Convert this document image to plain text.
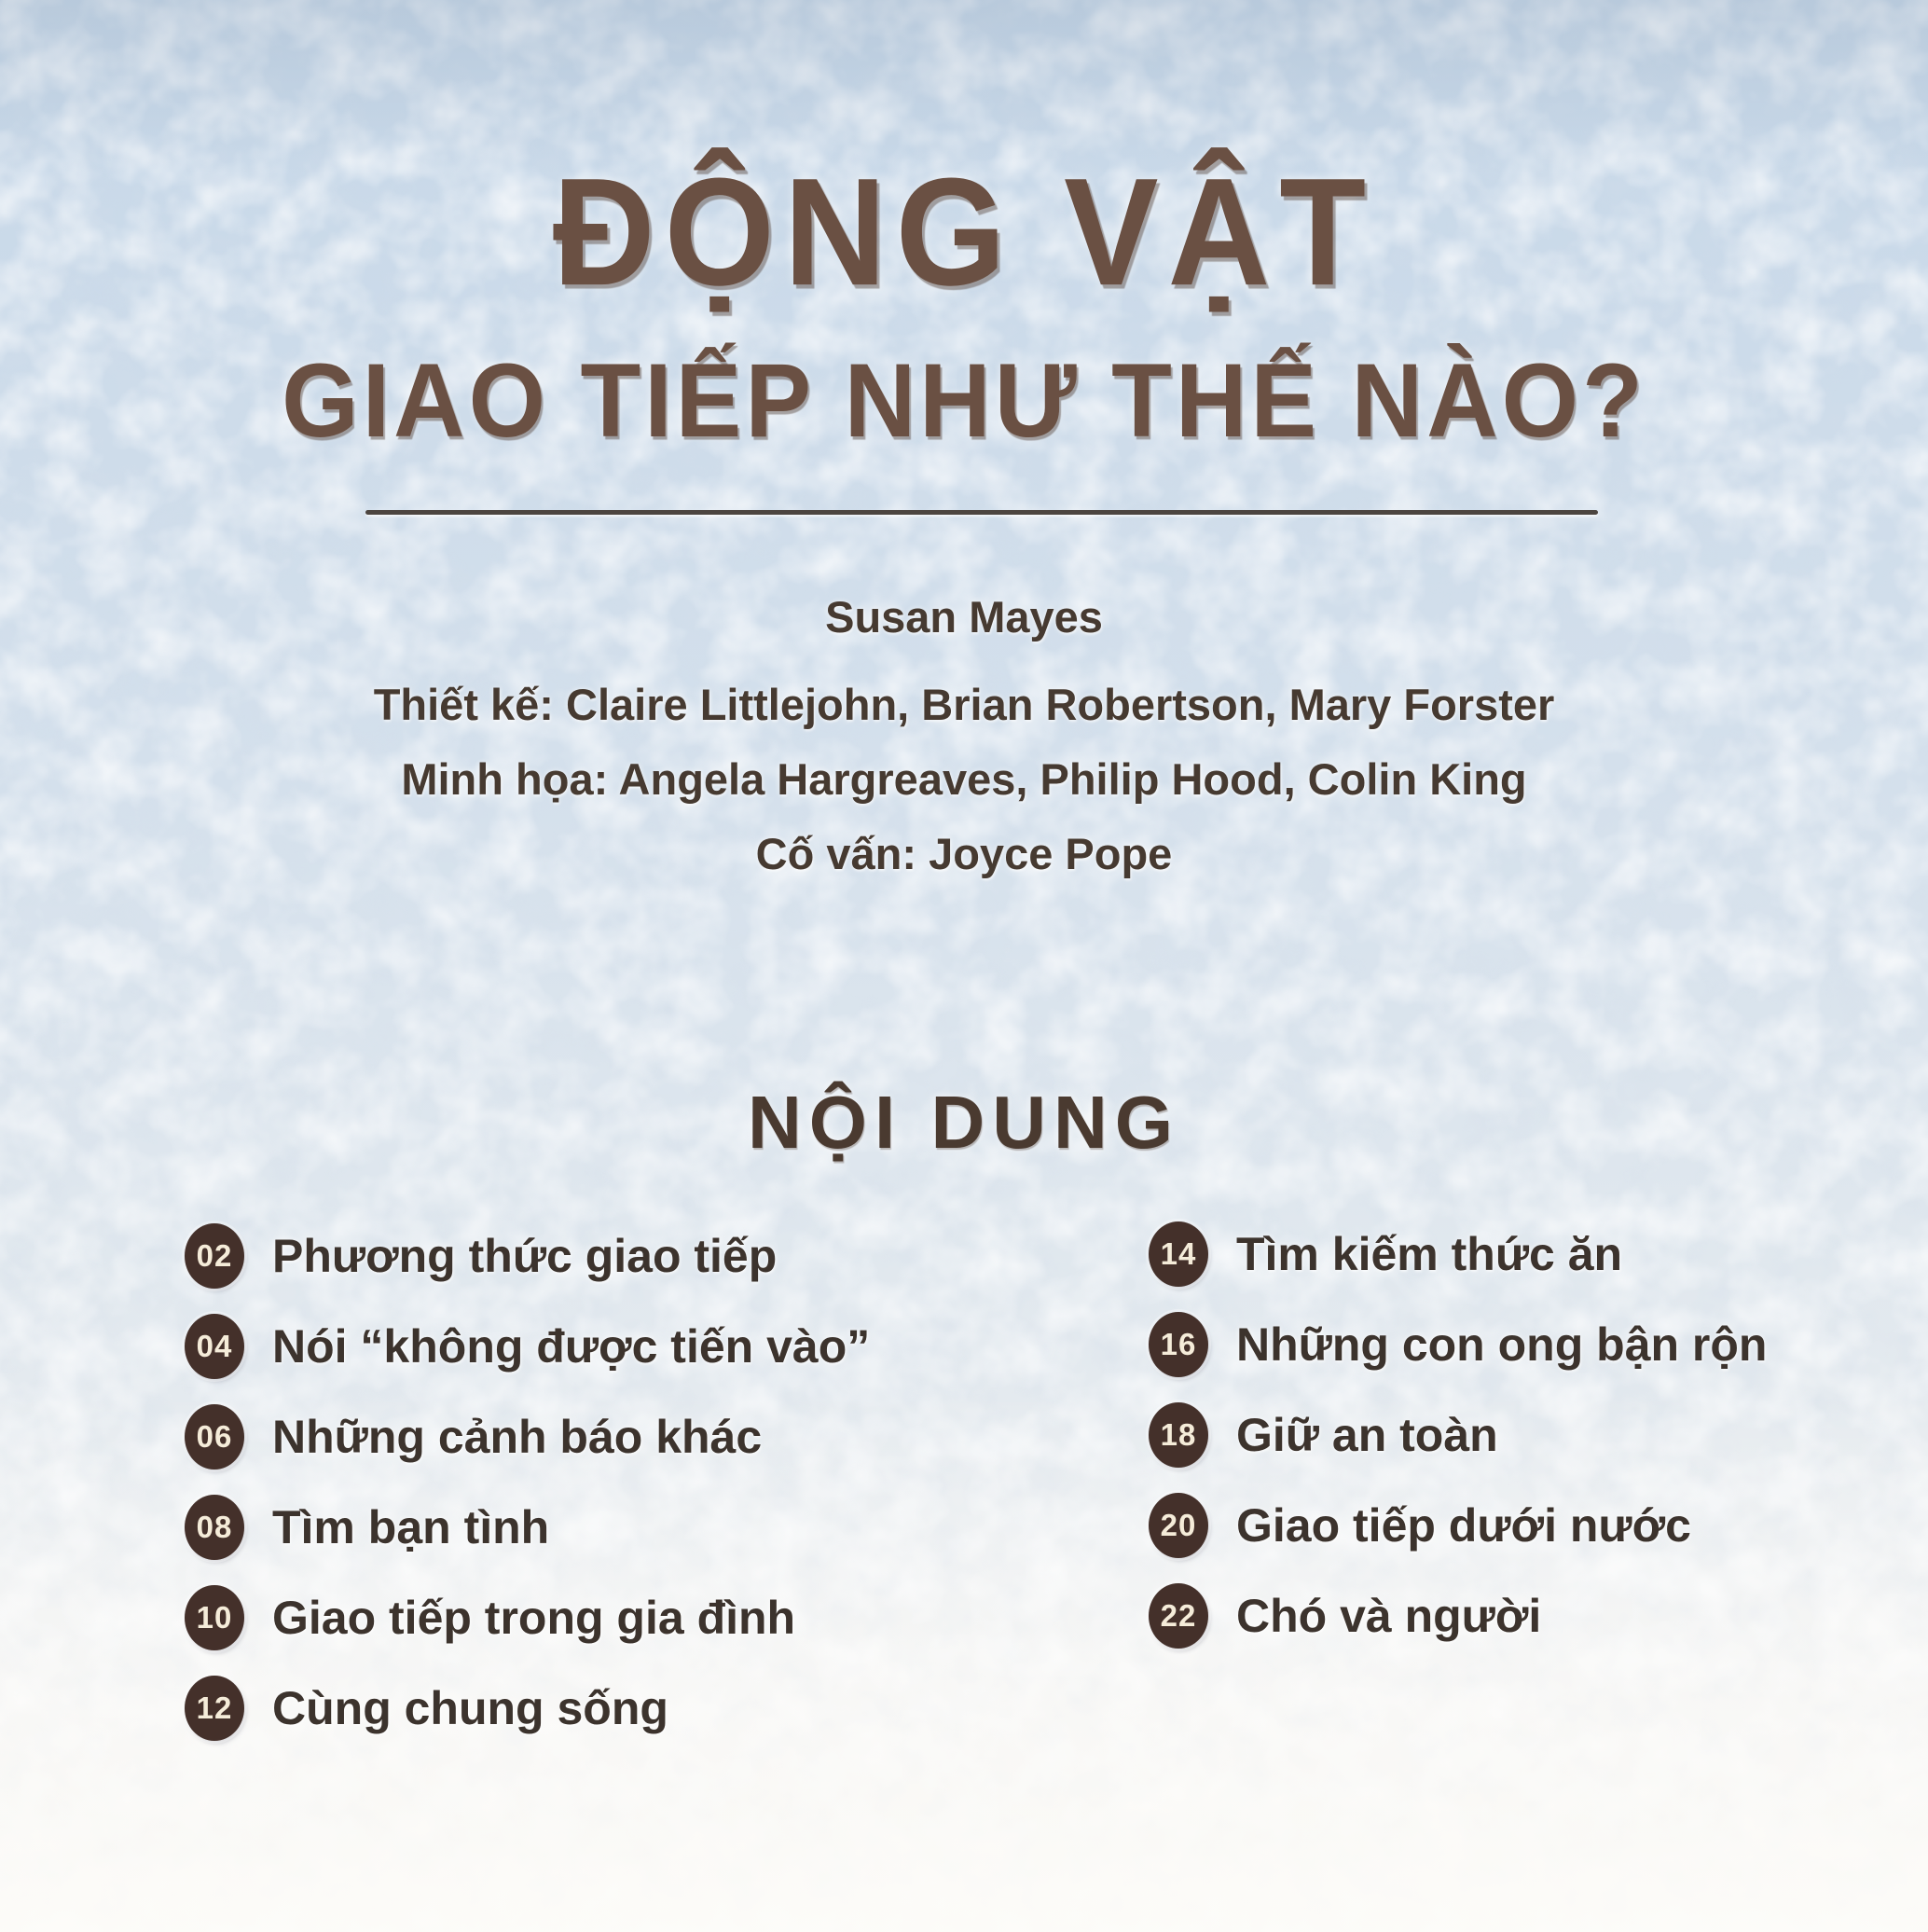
ĐỘNG VẬT
GIAO TIẾP NHƯ THẾ NÀO?

Susan Mayes

Thiết kế: Claire Littlejohn, Brian Robertson, Mary Forster

Minh họa: Angela Hargreaves, Philip Hood, Colin King

Cố vấn: Joyce Pope

NỘI DUNG
02 Phương thức giao tiếp
04 Nói “không được tiến vào”
06 Những cảnh báo khác
08 Tìm bạn tình
10 Giao tiếp trong gia đình
12 Cùng chung sống
14 Tìm kiếm thức ăn
16 Những con ong bận rộn
18 Giữ an toàn
20 Giao tiếp dưới nước
22 Chó và người
